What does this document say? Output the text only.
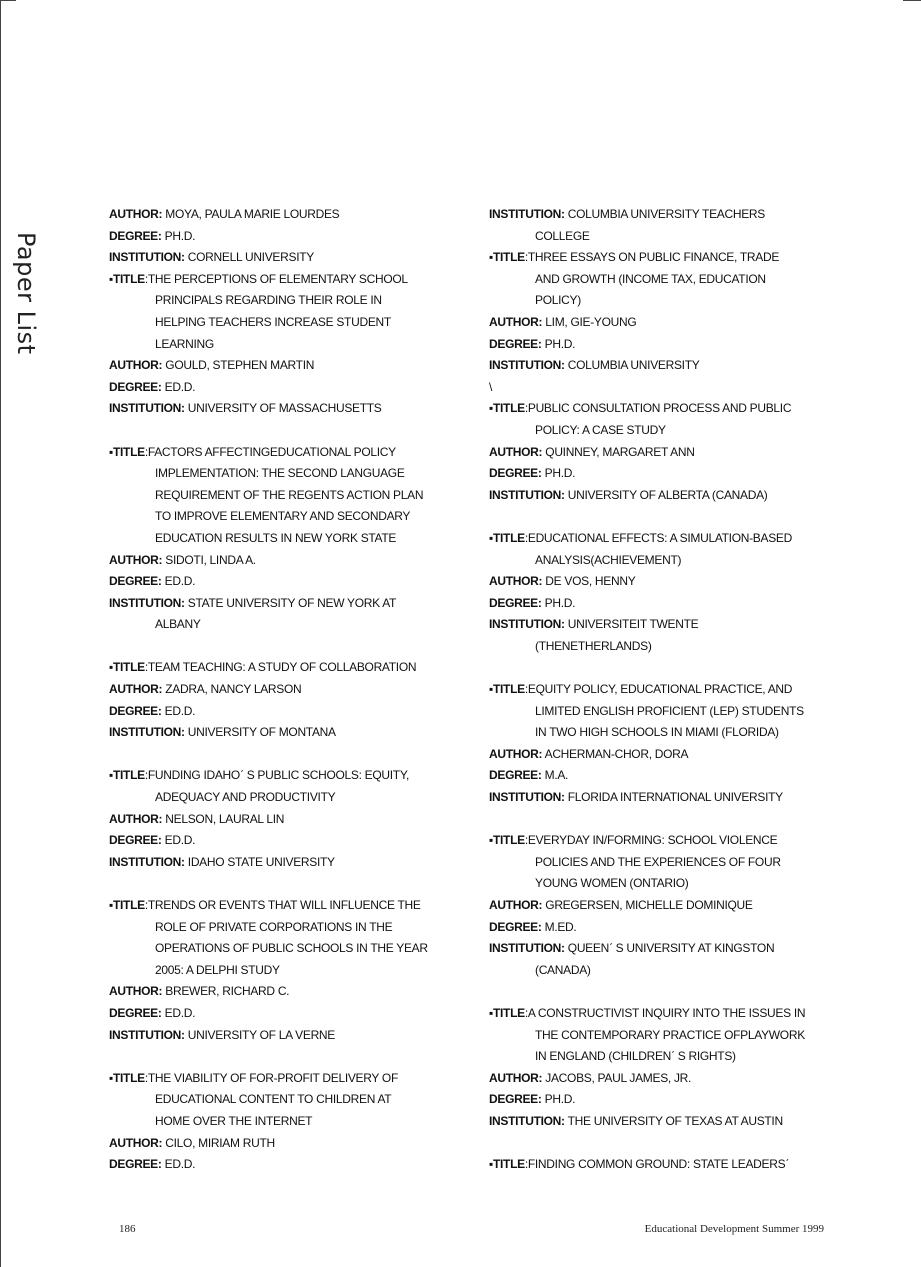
Paper List
AUTHOR: MOYA, PAULA MARIE LOURDES
DEGREE: PH.D.
INSTITUTION: CORNELL UNIVERSITY
▪TITLE:THE PERCEPTIONS OF ELEMENTARY SCHOOL
PRINCIPALS REGARDING THEIR ROLE IN
HELPING TEACHERS INCREASE STUDENT
LEARNING
AUTHOR: GOULD, STEPHEN MARTIN
DEGREE: ED.D.
INSTITUTION: UNIVERSITY OF MASSACHUSETTS
▪TITLE:FACTORS AFFECTINGEDUCATIONAL POLICY
IMPLEMENTATION: THE SECOND LANGUAGE
REQUIREMENT OF THE REGENTS ACTION PLAN
TO IMPROVE ELEMENTARY AND SECONDARY
EDUCATION RESULTS IN NEW YORK STATE
AUTHOR: SIDOTI, LINDA A.
DEGREE: ED.D.
INSTITUTION: STATE UNIVERSITY OF NEW YORK AT
ALBANY
▪TITLE:TEAM TEACHING: A STUDY OF COLLABORATION
AUTHOR: ZADRA, NANCY LARSON
DEGREE: ED.D.
INSTITUTION: UNIVERSITY OF MONTANA
▪TITLE:FUNDING IDAHOˊ S PUBLIC SCHOOLS: EQUITY,
ADEQUACY AND PRODUCTIVITY
AUTHOR: NELSON, LAURAL LIN
DEGREE: ED.D.
INSTITUTION: IDAHO STATE UNIVERSITY
▪TITLE:TRENDS OR EVENTS THAT WILL INFLUENCE THE
ROLE OF PRIVATE CORPORATIONS IN THE
OPERATIONS OF PUBLIC SCHOOLS IN THE YEAR
2005: A DELPHI STUDY
AUTHOR: BREWER, RICHARD C.
DEGREE: ED.D.
INSTITUTION: UNIVERSITY OF LA VERNE
▪TITLE:THE VIABILITY OF FOR-PROFIT DELIVERY OF
EDUCATIONAL CONTENT TO CHILDREN AT
HOME OVER THE INTERNET
AUTHOR: CILO, MIRIAM RUTH
DEGREE: ED.D.
INSTITUTION: COLUMBIA UNIVERSITY TEACHERS
COLLEGE
▪TITLE:THREE ESSAYS ON PUBLIC FINANCE, TRADE
AND GROWTH (INCOME TAX, EDUCATION
POLICY)
AUTHOR: LIM, GIE-YOUNG
DEGREE: PH.D.
INSTITUTION: COLUMBIA UNIVERSITY
\
▪TITLE:PUBLIC CONSULTATION PROCESS AND PUBLIC
POLICY: A CASE STUDY
AUTHOR: QUINNEY, MARGARET ANN
DEGREE: PH.D.
INSTITUTION: UNIVERSITY OF ALBERTA (CANADA)
▪TITLE:EDUCATIONAL EFFECTS: A SIMULATION-BASED
ANALYSIS(ACHIEVEMENT)
AUTHOR: DE VOS, HENNY
DEGREE: PH.D.
INSTITUTION: UNIVERSITEIT TWENTE
(THENETHERLANDS)
▪TITLE:EQUITY POLICY, EDUCATIONAL PRACTICE, AND
LIMITED ENGLISH PROFICIENT (LEP) STUDENTS
IN TWO HIGH SCHOOLS IN MIAMI (FLORIDA)
AUTHOR: ACHERMAN-CHOR, DORA
DEGREE: M.A.
INSTITUTION: FLORIDA INTERNATIONAL UNIVERSITY
▪TITLE:EVERYDAY IN/FORMING: SCHOOL VIOLENCE
POLICIES AND THE EXPERIENCES OF FOUR
YOUNG WOMEN (ONTARIO)
AUTHOR: GREGERSEN, MICHELLE DOMINIQUE
DEGREE: M.ED.
INSTITUTION: QUEENˊ S UNIVERSITY AT KINGSTON
(CANADA)
▪TITLE:A CONSTRUCTIVIST INQUIRY INTO THE ISSUES IN
THE CONTEMPORARY PRACTICE OFPLAYWORK
IN ENGLAND (CHILDRENˊ S RIGHTS)
AUTHOR: JACOBS, PAUL JAMES, JR.
DEGREE: PH.D.
INSTITUTION: THE UNIVERSITY OF TEXAS AT AUSTIN
▪TITLE:FINDING COMMON GROUND: STATE LEADERSˊ
186	Educational Development Summer 1999
